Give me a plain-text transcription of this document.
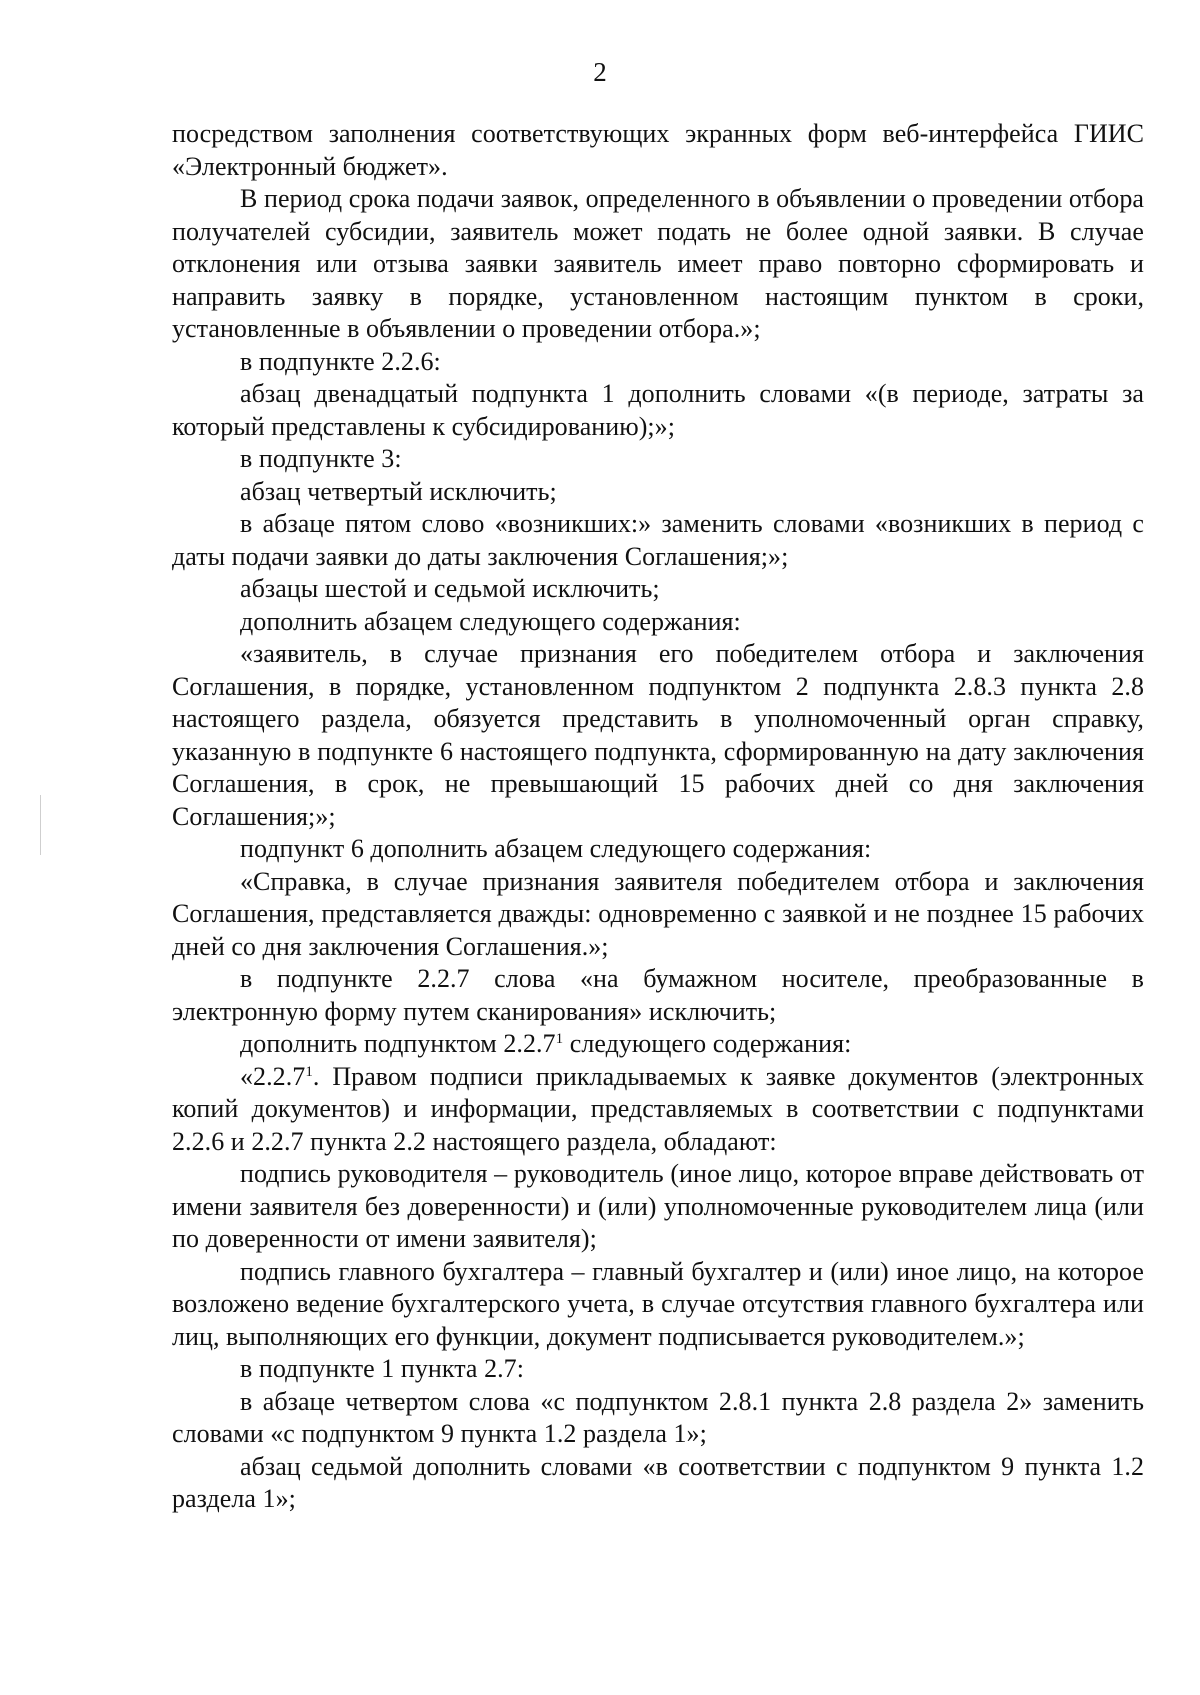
2

посредством заполнения соответствующих экранных форм веб-интерфейса ГИИС «Электронный бюджет».

В период срока подачи заявок, определенного в объявлении о проведении отбора получателей субсидии, заявитель может подать не более одной заявки. В случае отклонения или отзыва заявки заявитель имеет право повторно сформировать и направить заявку в порядке, установленном настоящим пунктом в сроки, установленные в объявлении о проведении отбора.»;

в подпункте 2.2.6:

абзац двенадцатый подпункта 1 дополнить словами «(в периоде, затраты за который представлены к субсидированию);»;

в подпункте 3:

абзац четвертый исключить;

в абзаце пятом слово «возникших:» заменить словами «возникших в период с даты подачи заявки до даты заключения Соглашения;»;

абзацы шестой и седьмой исключить;

дополнить абзацем следующего содержания:

«заявитель, в случае признания его победителем отбора и заключения Соглашения, в порядке, установленном подпунктом 2 подпункта 2.8.3 пункта 2.8 настоящего раздела, обязуется представить в уполномоченный орган справку, указанную в подпункте 6 настоящего подпункта, сформированную на дату заключения Соглашения, в срок, не превышающий 15 рабочих дней со дня заключения Соглашения;»;

подпункт 6 дополнить абзацем следующего содержания:

«Справка, в случае признания заявителя победителем отбора и заключения Соглашения, представляется дважды: одновременно с заявкой и не позднее 15 рабочих дней со дня заключения Соглашения.»;

в подпункте 2.2.7 слова «на бумажном носителе, преобразованные в электронную форму путем сканирования» исключить;

дополнить подпунктом 2.2.7$^1$ следующего содержания:

«2.2.7$^1$. Правом подписи прикладываемых к заявке документов (электронных копий документов) и информации, представляемых в соответствии с подпунктами 2.2.6 и 2.2.7 пункта 2.2 настоящего раздела, обладают:

подпись руководителя – руководитель (иное лицо, которое вправе действовать от имени заявителя без доверенности) и (или) уполномоченные руководителем лица (или по доверенности от имени заявителя);

подпись главного бухгалтера – главный бухгалтер и (или) иное лицо, на которое возложено ведение бухгалтерского учета, в случае отсутствия главного бухгалтера или лиц, выполняющих его функции, документ подписывается руководителем.»;

в подпункте 1 пункта 2.7:

в абзаце четвертом слова «с подпунктом 2.8.1 пункта 2.8 раздела 2» заменить словами «с подпунктом 9 пункта 1.2 раздела 1»;

абзац седьмой дополнить словами «в соответствии с подпунктом 9 пункта 1.2 раздела 1»;
